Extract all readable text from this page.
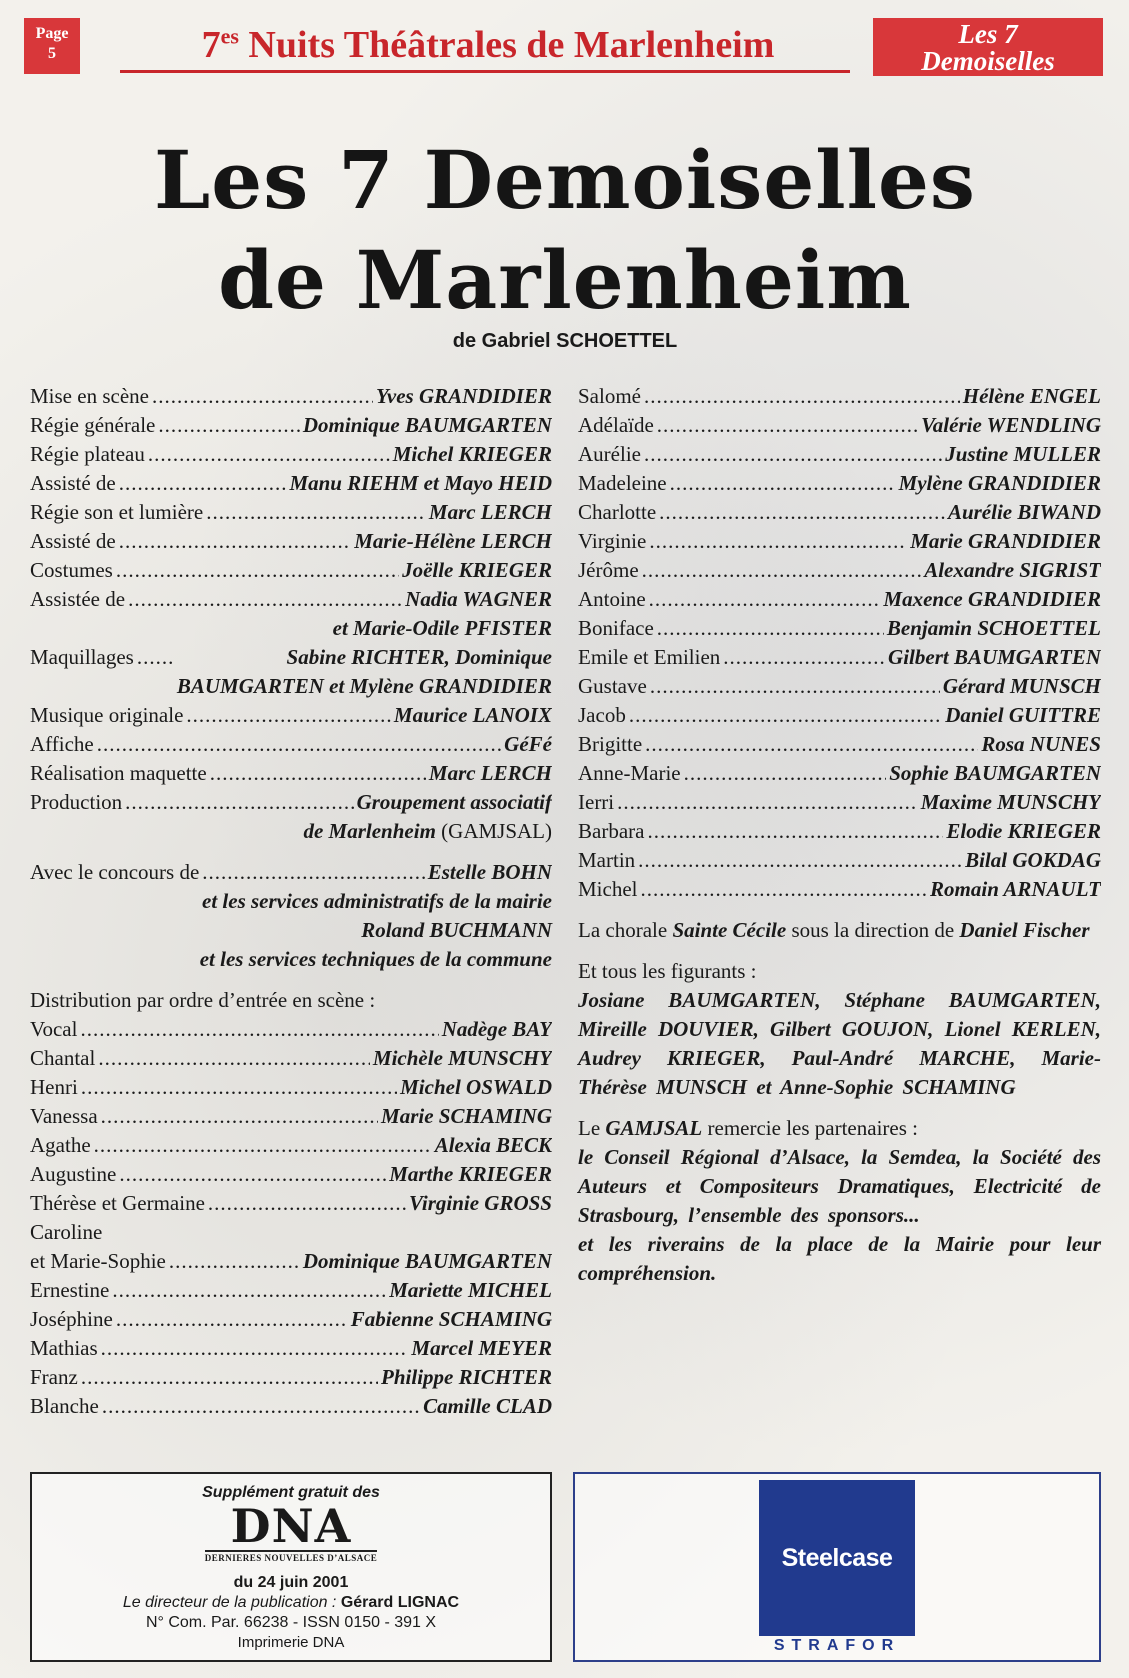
Page
5	$7^{es}$ Nuits Théâtrales de Marlenheim	Les 7
Demoiselles
Les 7 Demoiselles
de Marlenheim
de Gabriel SCHOETTEL
Mise en scène .....	Yves GRANDIDIER
Régie générale .....	Dominique BAUMGARTEN
Régie plateau .....	Michel KRIEGER
Assisté de .....	Manu RIEHM et Mayo HEID
Régie son et lumière .....	Marc LERCH
Assisté de .....	Marie-Hélène LERCH
Costumes .....	Joëlle KRIEGER
Assistée de .....	Nadia WAGNER
et Marie-Odile PFISTER
Maquillages .....	Sabine RICHTER, Dominique
BAUMGARTEN et Mylène GRANDIDIER
Musique originale .....	Maurice LANOIX
Affiche .....	GéFé
Réalisation maquette .....	Marc LERCH
Production .....	Groupement associatif
de Marlenheim (GAMJSAL)
Avec le concours de .....	Estelle BOHN
et les services administratifs de la mairie
Roland BUCHMANN
et les services techniques de la commune
Distribution par ordre d’entrée en scène :
Vocal .....	Nadège BAY
Chantal .....	Michèle MUNSCHY
Henri .....	Michel OSWALD
Vanessa .....	Marie SCHAMING
Agathe .....	Alexia BECK
Augustine .....	Marthe KRIEGER
Thérèse et Germaine .....	Virginie GROSS
Caroline
et Marie-Sophie .....	Dominique BAUMGARTEN
Ernestine .....	Mariette MICHEL
Joséphine .....	Fabienne SCHAMING
Mathias .....	Marcel MEYER
Franz .....	Philippe RICHTER
Blanche .....	Camille CLAD
Salomé .....	Hélène ENGEL
Adélaïde .....	Valérie WENDLING
Aurélie .....	Justine MULLER
Madeleine .....	Mylène GRANDIDIER
Charlotte .....	Aurélie BIWAND
Virginie .....	Marie GRANDIDIER
Jérôme .....	Alexandre SIGRIST
Antoine .....	Maxence GRANDIDIER
Boniface .....	Benjamin SCHOETTEL
Emile et Emilien .....	Gilbert BAUMGARTEN
Gustave .....	Gérard MUNSCH
Jacob .....	Daniel GUITTRE
Brigitte .....	Rosa NUNES
Anne-Marie .....	Sophie BAUMGARTEN
Ierri .....	Maxime MUNSCHY
Barbara .....	Elodie KRIEGER
Martin .....	Bilal GOKDAG
Michel .....	Romain ARNAULT
La chorale Sainte Cécile sous la direction de Daniel Fischer
Et tous les figurants :
Josiane BAUMGARTEN, Stéphane BAUMGARTEN, Mireille DOUVIER, Gilbert GOUJON, Lionel KERLEN, Audrey KRIEGER, Paul-André MARCHE, Marie-Thérèse MUNSCH et Anne-Sophie SCHAMING
Le GAMJSAL remercie les partenaires :
le Conseil Régional d’Alsace, la Semdea, la Société des Auteurs et Compositeurs Dramatiques, Electricité de Strasbourg, l’ensemble des sponsors...
et les riverains de la place de la Mairie pour leur compréhension.
Supplément gratuit des
DNA
DERNIERES NOUVELLES D’ALSACE
du 24 juin 2001
Le directeur de la publication : Gérard LIGNAC
N° Com. Par. 66238 - ISSN 0150 - 391 X
Imprimerie DNA
Steelcase
STRAFOR
